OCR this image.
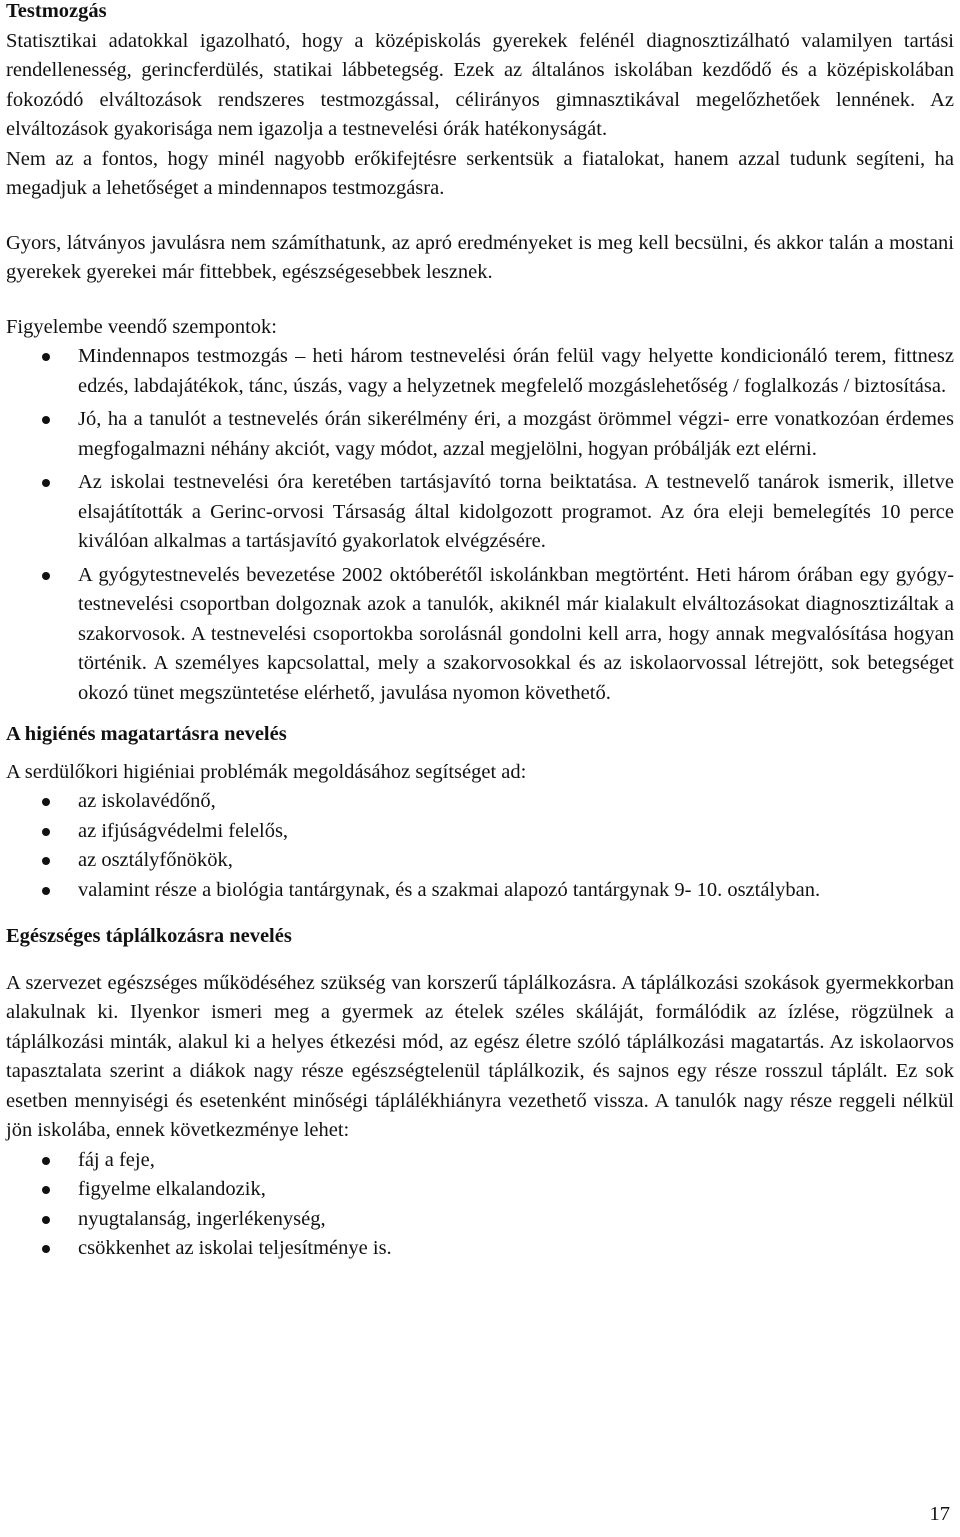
Testmozgás

Statisztikai adatokkal igazolható, hogy a középiskolás gyerekek felénél diagnosztizálható valamilyen tartási rendellenesség, gerincferdülés, statikai lábbetegség. Ezek az általános iskolában kezdődő és a középiskolában fokozódó elváltozások rendszeres testmozgással, célirányos gimnasztikával megelőzhetőek lennének. Az elváltozások gyakorisága nem igazolja a testnevelési órák hatékonyságát.

Nem az a fontos, hogy minél nagyobb erőkifejtésre serkentsük a fiatalokat, hanem azzal tudunk segíteni, ha megadjuk a lehetőséget a mindennapos testmozgásra.

Gyors, látványos javulásra nem számíthatunk, az apró eredményeket is meg kell becsülni, és akkor talán a mostani gyerekek gyerekei már fittebbek, egészségesebbek lesznek.

Figyelembe veendő szempontok:

Mindennapos testmozgás – heti három testnevelési órán felül vagy helyette kondicionáló terem, fittnesz edzés, labdajátékok, tánc, úszás, vagy a helyzetnek megfelelő mozgáslehetőség / foglalkozás / biztosítása.
Jó, ha a tanulót a testnevelés órán sikerélmény éri, a mozgást örömmel végzi- erre vonatkozóan érdemes megfogalmazni néhány akciót, vagy módot, azzal megjelölni, hogyan próbálják ezt elérni.
Az iskolai testnevelési óra keretében tartásjavító torna beiktatása. A testnevelő tanárok ismerik, illetve elsajátították a Gerinc-orvosi Társaság által kidolgozott programot. Az óra eleji bemelegítés 10 perce kiválóan alkalmas a tartásjavító gyakorlatok elvégzésére.
A gyógytestnevelés bevezetése 2002 októberétől iskolánkban megtörtént. Heti három órában egy gyógy-testnevelési csoportban dolgoznak azok a tanulók, akiknél már kialakult elváltozásokat diagnosztizáltak a szakorvosok. A testnevelési csoportokba sorolásnál gondolni kell arra, hogy annak megvalósítása hogyan történik. A személyes kapcsolattal, mely a szakorvosokkal és az iskolaorvossal létrejött, sok betegséget okozó tünet megszüntetése elérhető, javulása nyomon követhető.
A higiénés magatartásra nevelés

A serdülőkori higiéniai problémák megoldásához segítséget ad:

az iskolavédőnő,
az ifjúságvédelmi felelős,
az osztályfőnökök,
valamint része a biológia tantárgynak, és a szakmai alapozó tantárgynak 9- 10. osztályban.
Egészséges táplálkozásra nevelés

A szervezet egészséges működéséhez szükség van korszerű táplálkozásra. A táplálkozási szokások gyermekkorban alakulnak ki. Ilyenkor ismeri meg a gyermek az ételek széles skáláját, formálódik az ízlése, rögzülnek a táplálkozási minták, alakul ki a helyes étkezési mód, az egész életre szóló táplálkozási magatartás. Az iskolaorvos tapasztalata szerint a diákok nagy része egészségtelenül táplálkozik, és sajnos egy része rosszul táplált. Ez sok esetben mennyiségi és esetenként minőségi táplálékhiányra vezethető vissza. A tanulók nagy része reggeli nélkül jön iskolába, ennek következménye lehet:

fáj a feje,
figyelme elkalandozik,
nyugtalanság, ingerlékenység,
csökkenhet az iskolai teljesítménye is.
17
